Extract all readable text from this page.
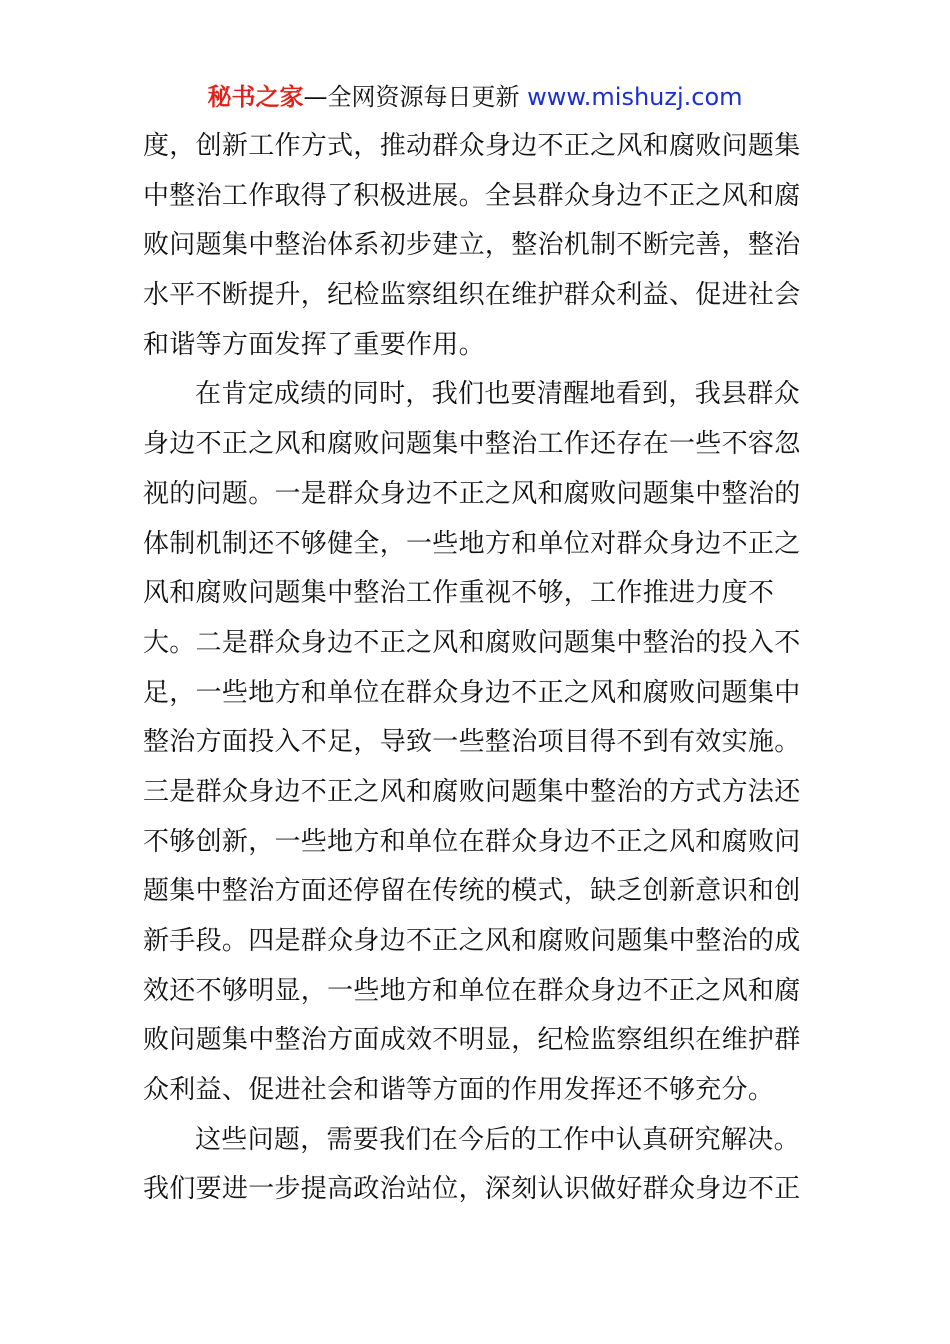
秘书之家—全网资源每日更新 www.mishuzj.com
度，创新工作方式，推动群众身边不正之风和腐败问题集
中整治工作取得了积极进展。全县群众身边不正之风和腐
败问题集中整治体系初步建立，整治机制不断完善，整治
水平不断提升，纪检监察组织在维护群众利益、促进社会
和谐等方面发挥了重要作用。
在肯定成绩的同时，我们也要清醒地看到，我县群众
身边不正之风和腐败问题集中整治工作还存在一些不容忽
视的问题。一是群众身边不正之风和腐败问题集中整治的
体制机制还不够健全，一些地方和单位对群众身边不正之
风和腐败问题集中整治工作重视不够，工作推进力度不
大。二是群众身边不正之风和腐败问题集中整治的投入不
足，一些地方和单位在群众身边不正之风和腐败问题集中
整治方面投入不足，导致一些整治项目得不到有效实施。
三是群众身边不正之风和腐败问题集中整治的方式方法还
不够创新，一些地方和单位在群众身边不正之风和腐败问
题集中整治方面还停留在传统的模式，缺乏创新意识和创
新手段。四是群众身边不正之风和腐败问题集中整治的成
效还不够明显，一些地方和单位在群众身边不正之风和腐
败问题集中整治方面成效不明显，纪检监察组织在维护群
众利益、促进社会和谐等方面的作用发挥还不够充分。
这些问题，需要我们在今后的工作中认真研究解决。
我们要进一步提高政治站位，深刻认识做好群众身边不正
